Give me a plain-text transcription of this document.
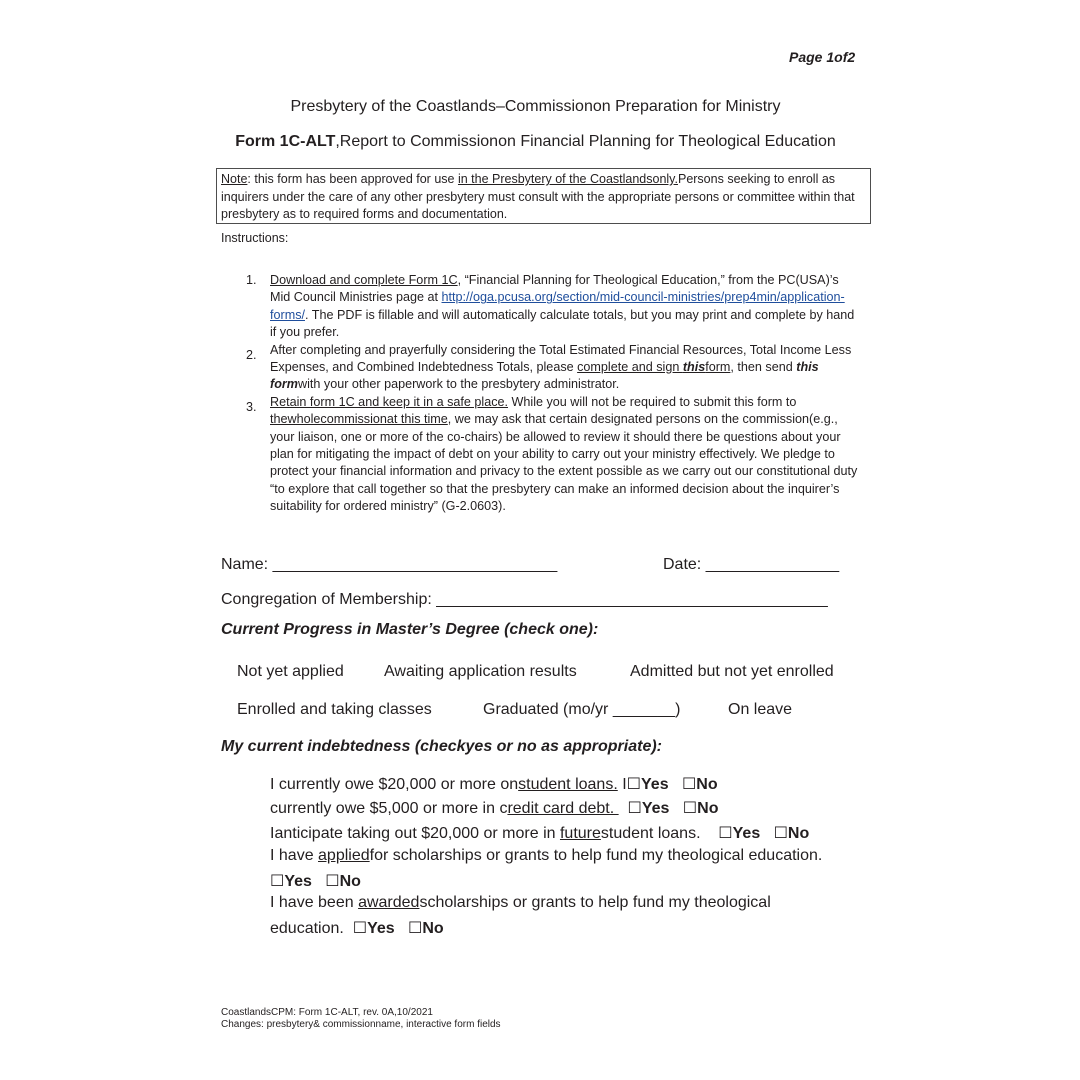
Page 1of2
Presbytery of the Coastlands–Commissionon Preparation for Ministry
Form 1C-ALT,Report to Commissionon Financial Planning for Theological Education
Note: this form has been approved for use in the Presbytery of the Coastlandsonly.Persons seeking to enroll as inquirers under the care of any other presbytery must consult with the appropriate persons or committee within that presbytery as to required forms and documentation.
Instructions:
1. Download and complete Form 1C, “Financial Planning for Theological Education,” from the PC(USA)’s Mid Council Ministries page at http://oga.pcusa.org/section/mid-council-ministries/prep4min/application-forms/. The PDF is fillable and will automatically calculate totals, but you may print and complete by hand if you prefer.
2. After completing and prayerfully considering the Total Estimated Financial Resources, Total Income Less Expenses, and Combined Indebtedness Totals, please complete and sign thisform, then send this formwith your other paperwork to the presbytery administrator.
3. Retain form 1C and keep it in a safe place. While you will not be required to submit this form to thewholecommissionat this time, we may ask that certain designated persons on the commission(e.g., your liaison, one or more of the co-chairs) be allowed to review it should there be questions about your plan for mitigating the impact of debt on your ability to carry out your ministry effectively. We pledge to protect your financial information and privacy to the extent possible as we carry out our constitutional duty “to explore that call together so that the presbytery can make an informed decision about the inquirer’s suitability for ordered ministry” (G-2.0603).
Name: ________________________________	Date: _______________
Congregation of Membership: ____________________________________________
Current Progress in Master’s Degree (check one):
Not yet applied	Awaiting application results	Admitted but not yet enrolled
Enrolled and taking classes	Graduated (mo/yr _______)	On leave
My current indebtedness (checkyes or no as appropriate):
I currently owe $20,000 or more onstudent loans. I☐Yes ☐No
currently owe $5,000 or more in credit card debt.   ☐Yes ☐No
Ianticipate taking out $20,000 or more in futurestudent loans. ☐Yes ☐No
I have appliedfor scholarships or grants to help fund my theological education.
☐Yes ☐No
I have been awardedscholarships or grants to help fund my theological
education. ☐Yes ☐No
CoastlandsCPM: Form 1C-ALT, rev. 0A,10/2021
Changes: presbytery& commissionname, interactive form fields
